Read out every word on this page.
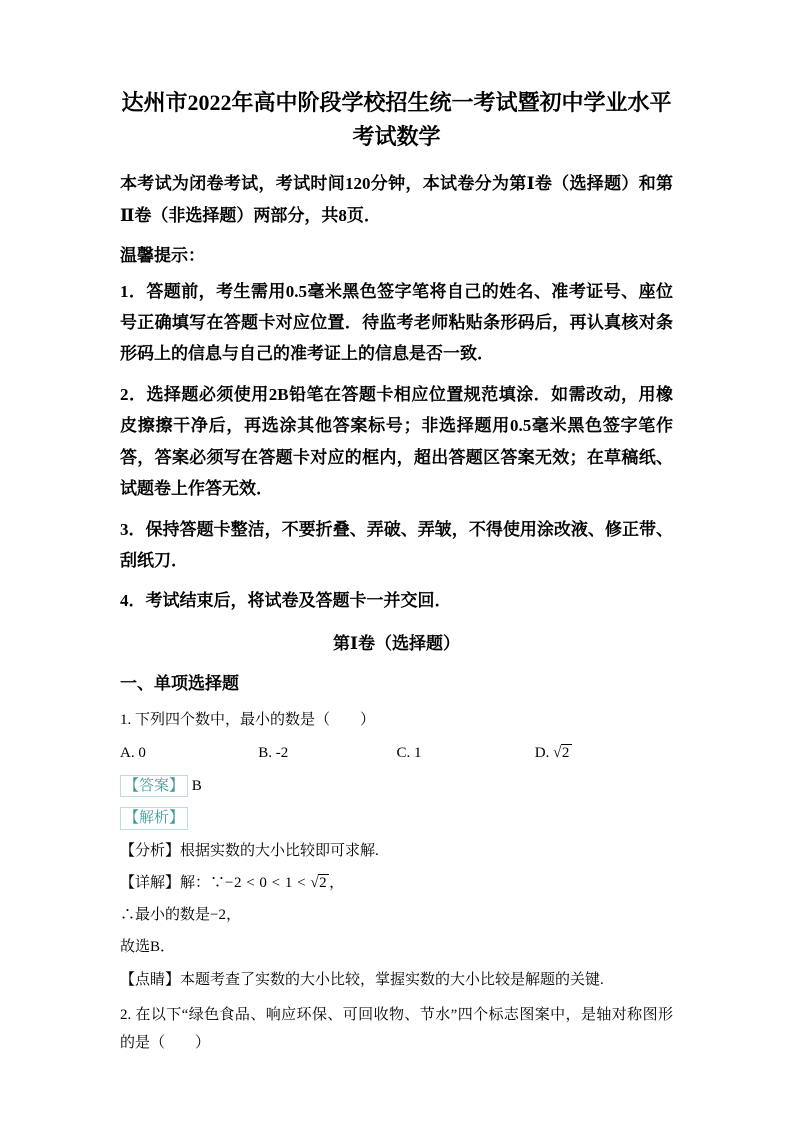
达州市2022年高中阶段学校招生统一考试暨初中学业水平
考试数学

本考试为闭卷考试，考试时间120分钟，本试卷分为第Ⅰ卷（选择题）和第Ⅱ卷（非选择题）两部分，共8页．

温馨提示：

1．答题前，考生需用0.5毫米黑色签字笔将自己的姓名、准考证号、座位号正确填写在答题卡对应位置．待监考老师粘贴条形码后，再认真核对条形码上的信息与自己的准考证上的信息是否一致．

2．选择题必须使用2B铅笔在答题卡相应位置规范填涂．如需改动，用橡皮擦擦干净后，再选涂其他答案标号；非选择题用0.5毫米黑色签字笔作答，答案必须写在答题卡对应的框内，超出答题区答案无效；在草稿纸、试题卷上作答无效．

3．保持答题卡整洁，不要折叠、弄破、弄皱，不得使用涂改液、修正带、刮纸刀．

4．考试结束后，将试卷及答题卡一并交回．

第Ⅰ卷（选择题）
一、单项选择题

1. 下列四个数中，最小的数是（　　）

A. 0	B. -2	C. 1	D. √2

【答案】 B

【解析】

【分析】根据实数的大小比较即可求解.

【详解】解：∵−2 < 0 < 1 < √2 ，

∴最小的数是−2，

故选B．

【点睛】本题考查了实数的大小比较，掌握实数的大小比较是解题的关键.

2. 在以下“绿色食品、响应环保、可回收物、节水”四个标志图案中，是轴对称图形的是（　　）
